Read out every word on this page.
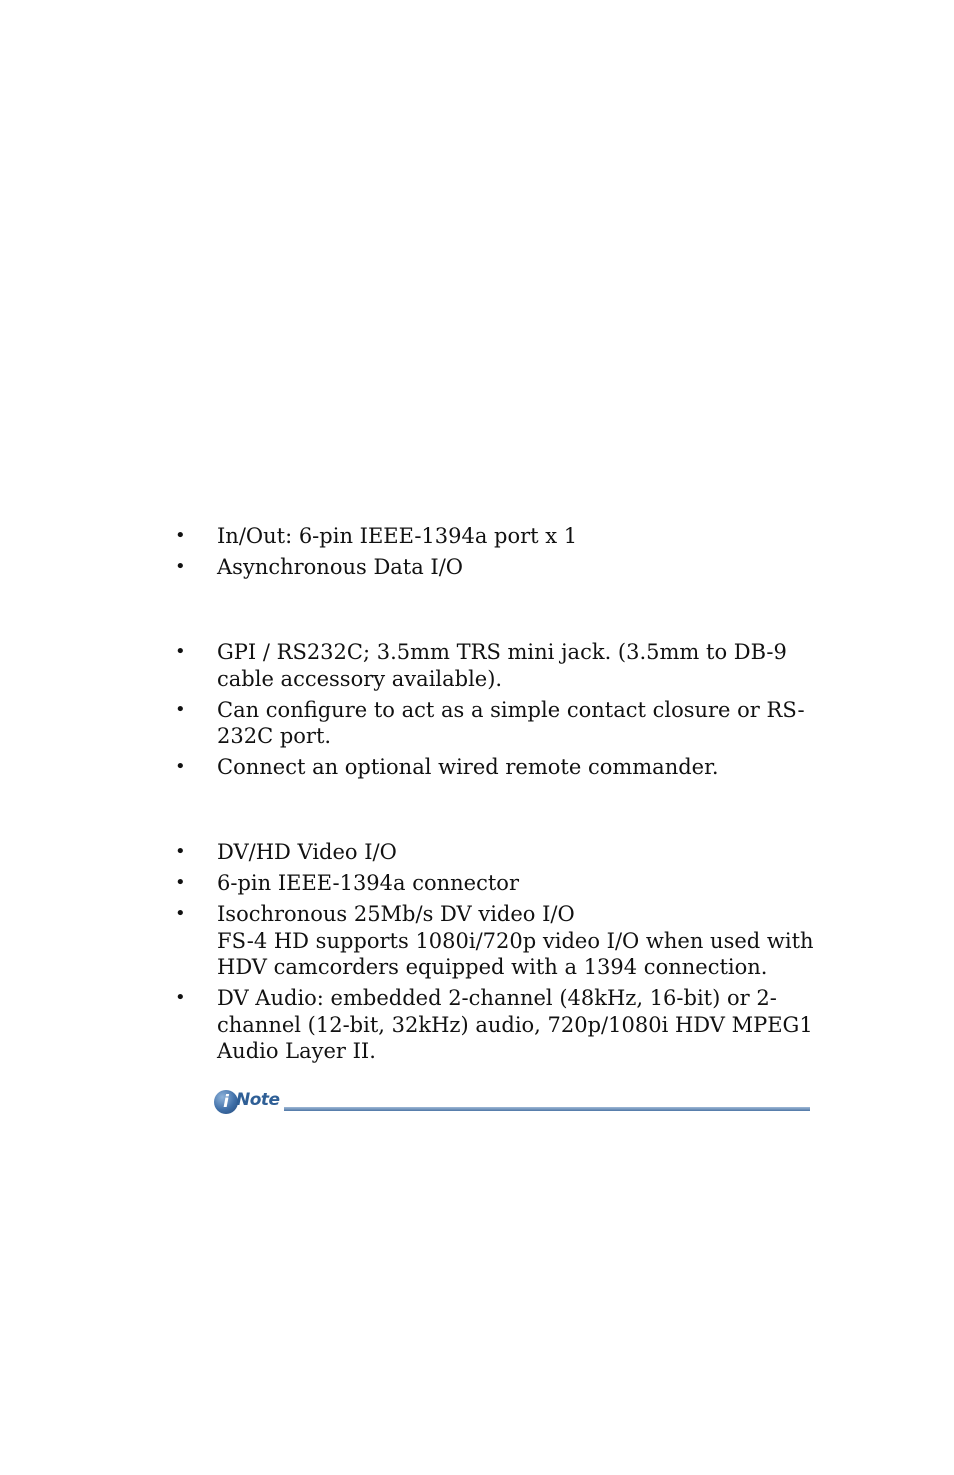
• In/Out: 6-pin IEEE-1394a port x 1
• Asynchronous Data I/O
• GPI / RS232C; 3.5mm TRS mini jack. (3.5mm to DB-9 cable accessory available).
• Can configure to act as a simple contact closure or RS-232C port.
• Connect an optional wired remote commander.
• DV/HD Video I/O
• 6-pin IEEE-1394a connector
• Isochronous 25Mb/s DV video I/O
FS-4 HD supports 1080i/720p video I/O when used with HDV camcorders equipped with a 1394 connection.
• DV Audio: embedded 2-channel (48kHz, 16-bit) or 2-channel (12-bit, 32kHz) audio, 720p/1080i HDV MPEG1 Audio Layer II.
i Note
